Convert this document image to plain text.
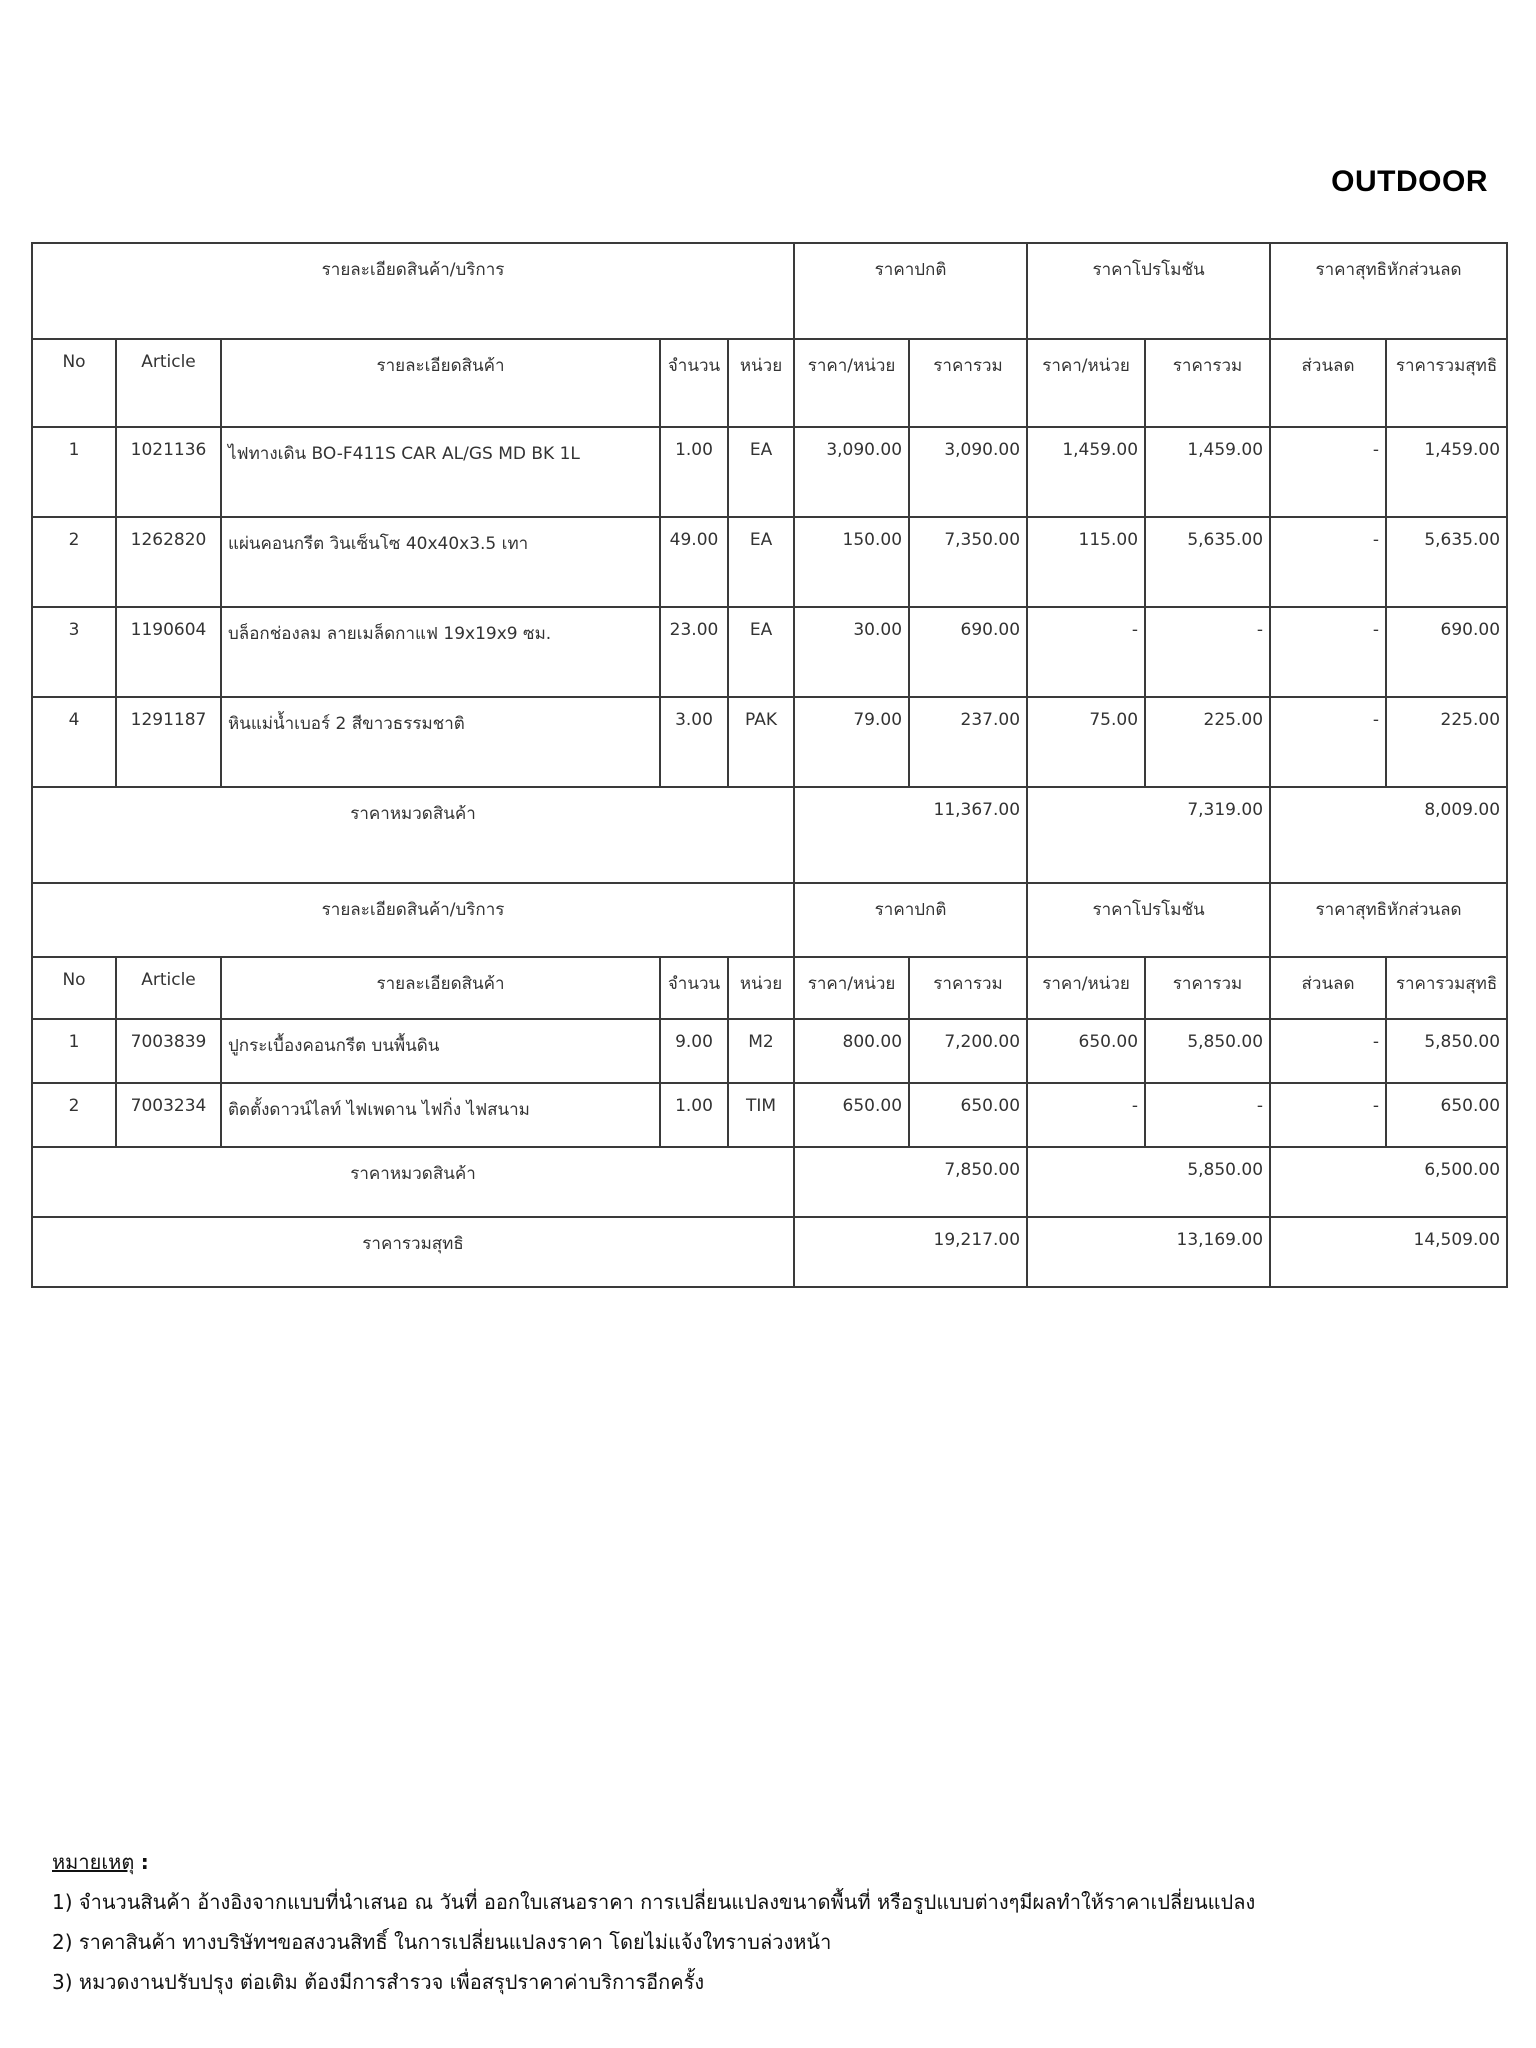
OUTDOOR
รายละเอียดสินค้า/บริการ					ราคาปกติ		ราคาโปรโมชัน		ราคาสุทธิหักส่วนลด	
No	Article	รายละเอียดสินค้า	จำนวน	หน่วย	ราคา/หน่วย	ราคารวม	ราคา/หน่วย	ราคารวม	ส่วนลด	ราคารวมสุทธิ
1	1021136	ไฟทางเดิน BO-F411S CAR AL/GS MD BK 1L	1.00	EA	3,090.00	3,090.00	1,459.00	1,459.00	-	1,459.00
2	1262820	แผ่นคอนกรีต วินเซ็นโซ 40x40x3.5 เทา	49.00	EA	150.00	7,350.00	115.00	5,635.00	-	5,635.00
3	1190604	บล็อกช่องลม ลายเมล็ดกาแฟ 19x19x9 ซม.	23.00	EA	30.00	690.00	-	-	-	690.00
4	1291187	หินแม่น้ำเบอร์ 2 สีขาวธรรมชาติ	3.00	PAK	79.00	237.00	75.00	225.00	-	225.00
ราคาหมวดสินค้า					11,367.00		7,319.00		8,009.00	
รายละเอียดสินค้า/บริการ					ราคาปกติ		ราคาโปรโมชัน		ราคาสุทธิหักส่วนลด	
No	Article	รายละเอียดสินค้า	จำนวน	หน่วย	ราคา/หน่วย	ราคารวม	ราคา/หน่วย	ราคารวม	ส่วนลด	ราคารวมสุทธิ
1	7003839	ปูกระเบื้องคอนกรีต บนพื้นดิน	9.00	M2	800.00	7,200.00	650.00	5,850.00	-	5,850.00
2	7003234	ติดตั้งดาวน์ไลท์ ไฟเพดาน ไฟกิ่ง ไฟสนาม	1.00	TIM	650.00	650.00	-	-	-	650.00
ราคาหมวดสินค้า					7,850.00		5,850.00		6,500.00	
ราคารวมสุทธิ					19,217.00		13,169.00		14,509.00	
หมายเหตุ :
1) จำนวนสินค้า อ้างอิงจากแบบที่นำเสนอ ณ วันที่ ออกใบเสนอราคา การเปลี่ยนแปลงขนาดพื้นที่ หรือรูปแบบต่างๆมีผลทำให้ราคาเปลี่ยนแปลง
2) ราคาสินค้า ทางบริษัทฯขอสงวนสิทธิ์ ในการเปลี่ยนแปลงราคา โดยไม่แจ้งใทราบล่วงหน้า
3) หมวดงานปรับปรุง ต่อเติม ต้องมีการสำรวจ เพื่อสรุปราคาค่าบริการอีกครั้ง
